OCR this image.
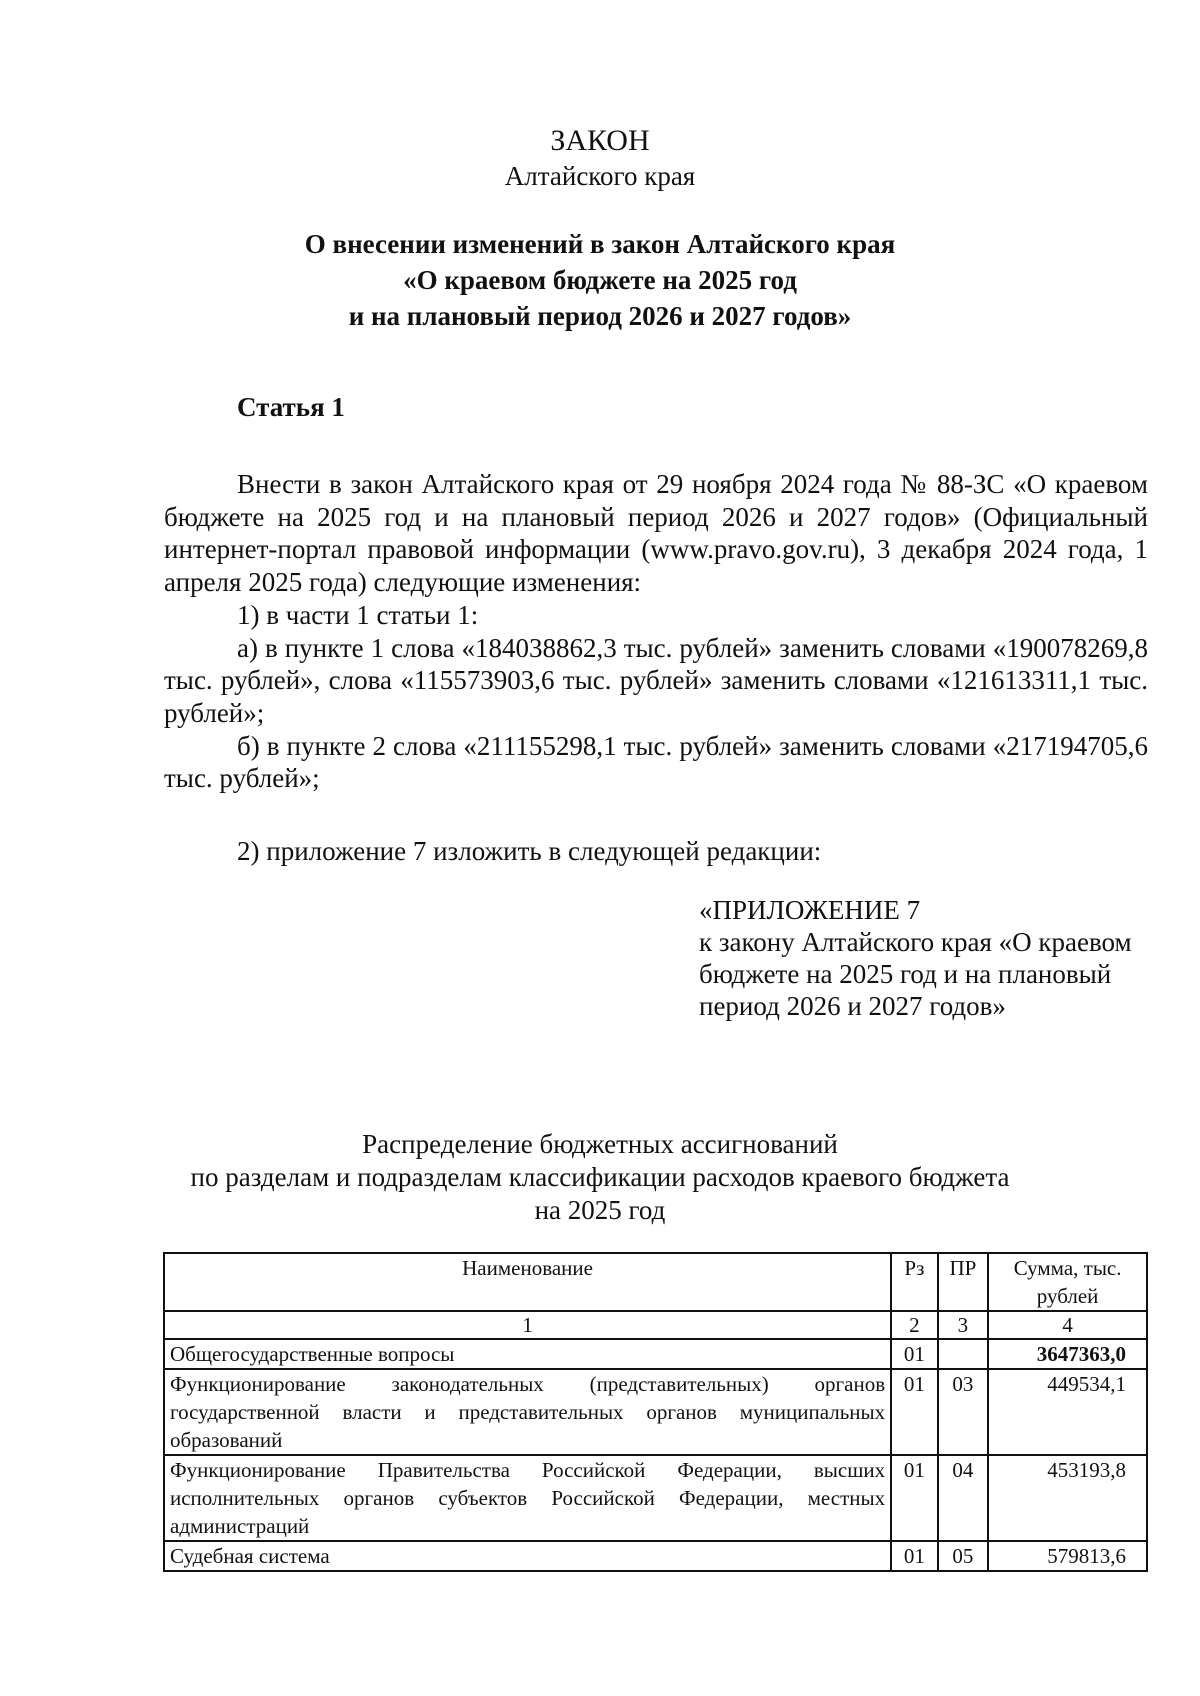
ЗАКОН
Алтайского края
О внесении изменений в закон Алтайского края
«О краевом бюджете на 2025 год
и на плановый период 2026 и 2027 годов»
Статья 1

Внести в закон Алтайского края от 29 ноября 2024 года № 88-ЗС «О краевом бюджете на 2025 год и на плановый период 2026 и 2027 годов» (Официальный интернет-портал правовой информации (www.pravo.gov.ru), 3 декабря 2024 года, 1 апреля 2025 года) следующие изменения:

1) в части 1 статьи 1:

а) в пункте 1 слова «184038862,3 тыс. рублей» заменить словами «190078269,8 тыс. рублей», слова «115573903,6 тыс. рублей» заменить словами «121613311,1 тыс. рублей»;

б) в пункте 2 слова «211155298,1 тыс. рублей» заменить словами «217194705,6 тыс. рублей»;

2) приложение 7 изложить в следующей редакции:

«ПРИЛОЖЕНИЕ 7
к закону Алтайского края «О краевом бюджете на 2025 год и на плановый период 2026 и 2027 годов»
Распределение бюджетных ассигнований
по разделам и подразделам классификации расходов краевого бюджета
на 2025 год
Наименование	Рз	ПР	Сумма, тыс. рублей
1	2	3	4
Общегосударственные вопросы	01		3647363,0
Функционирование законодательных (представительных) органов государственной власти и представительных органов муниципальных образований	01	03	449534,1
Функционирование Правительства Российской Федерации, высших исполнительных органов субъектов Российской Федерации, местных администраций	01	04	453193,8
Судебная система	01	05	579813,6
